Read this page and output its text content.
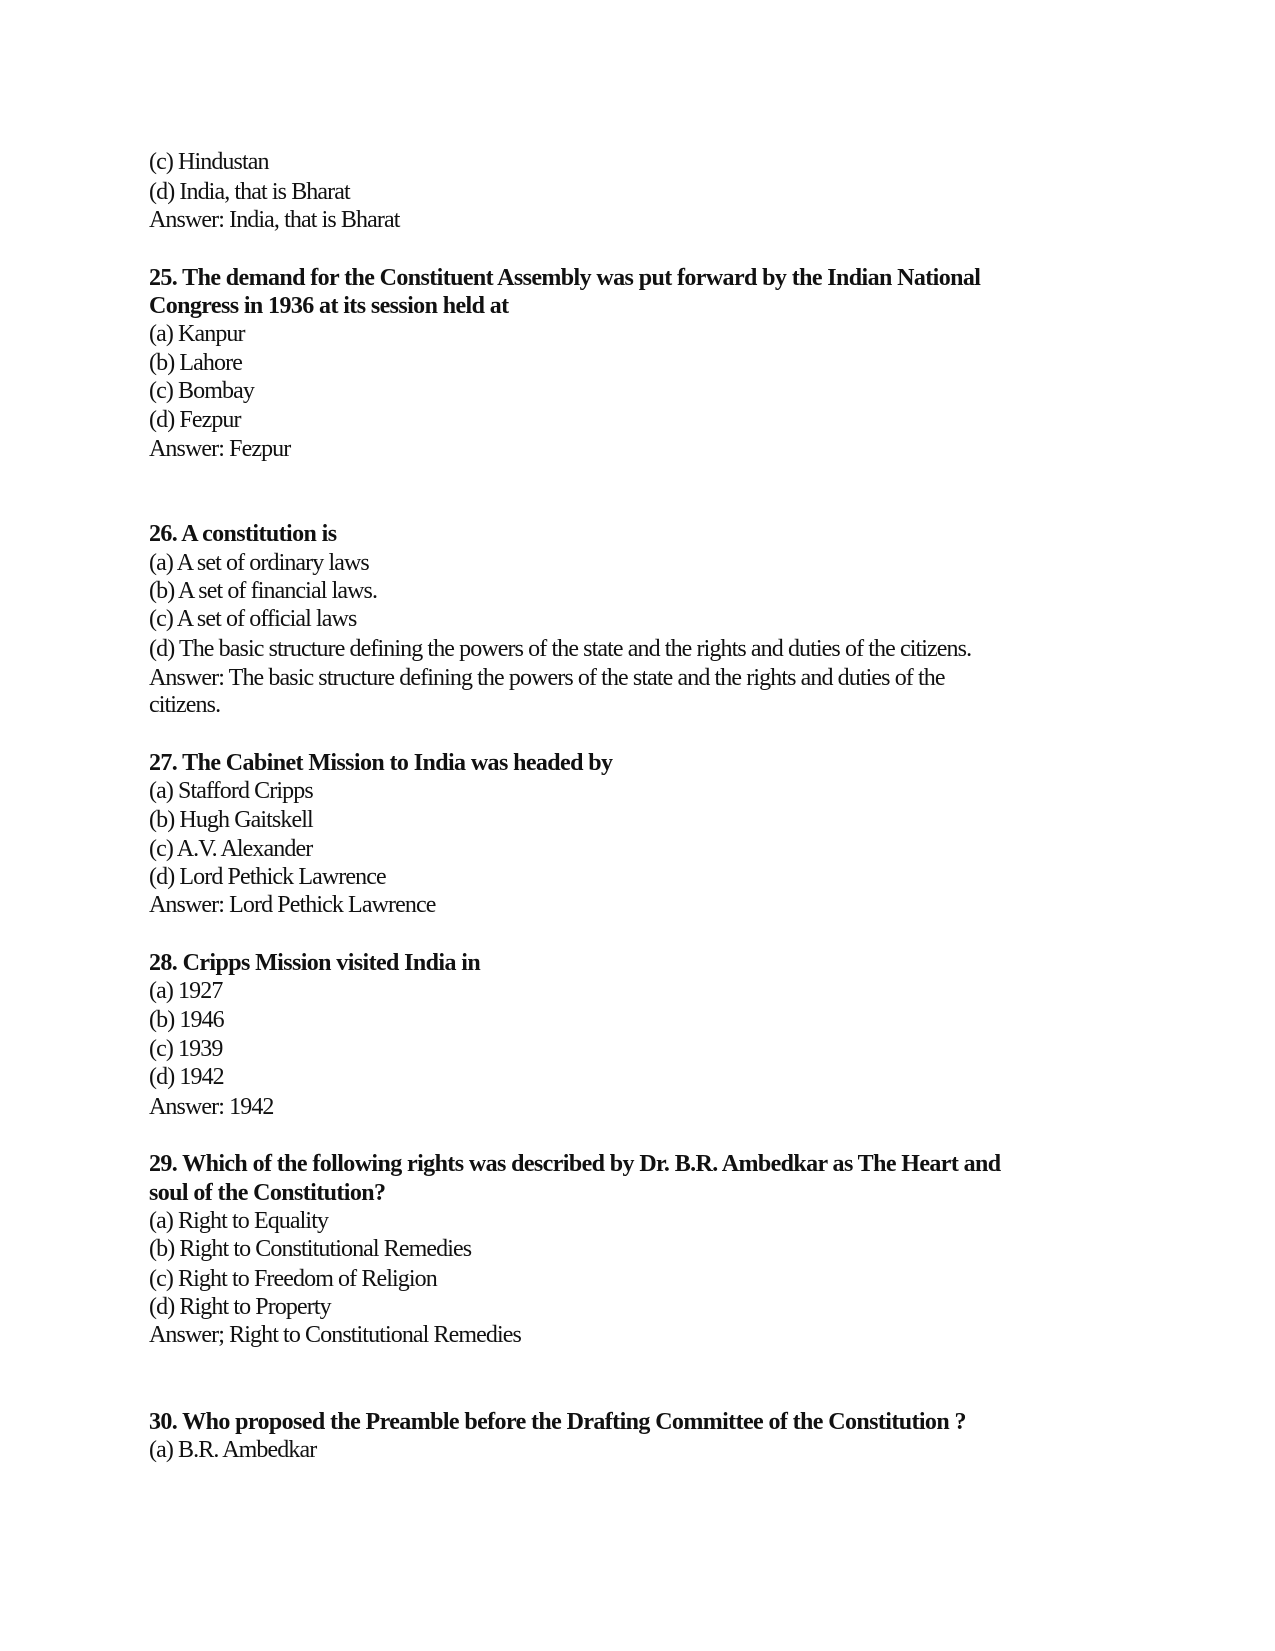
(c) Hindustan
(d) India, that is Bharat
Answer: India, that is Bharat
25. The demand for the Constituent Assembly was put forward by the Indian National
Congress in 1936 at its session held at
(a) Kanpur
(b) Lahore
(c) Bombay
(d) Fezpur
Answer: Fezpur
26. A constitution is
(a) A set of ordinary laws
(b) A set of financial laws.
(c) A set of official laws
(d) The basic structure defining the powers of the state and the rights and duties of the citizens.
Answer: The basic structure defining the powers of the state and the rights and duties of the
citizens.
27. The Cabinet Mission to India was headed by
(a) Stafford Cripps
(b) Hugh Gaitskell
(c) A.V. Alexander
(d) Lord Pethick Lawrence
Answer: Lord Pethick Lawrence
28. Cripps Mission visited India in
(a) 1927
(b) 1946
(c) 1939
(d) 1942
Answer: 1942
29. Which of the following rights was described by Dr. B.R. Ambedkar as The Heart and
soul of the Constitution?
(a) Right to Equality
(b) Right to Constitutional Remedies
(c) Right to Freedom of Religion
(d) Right to Property
Answer; Right to Constitutional Remedies
30. Who proposed the Preamble before the Drafting Committee of the Constitution ?
(a) B.R. Ambedkar
